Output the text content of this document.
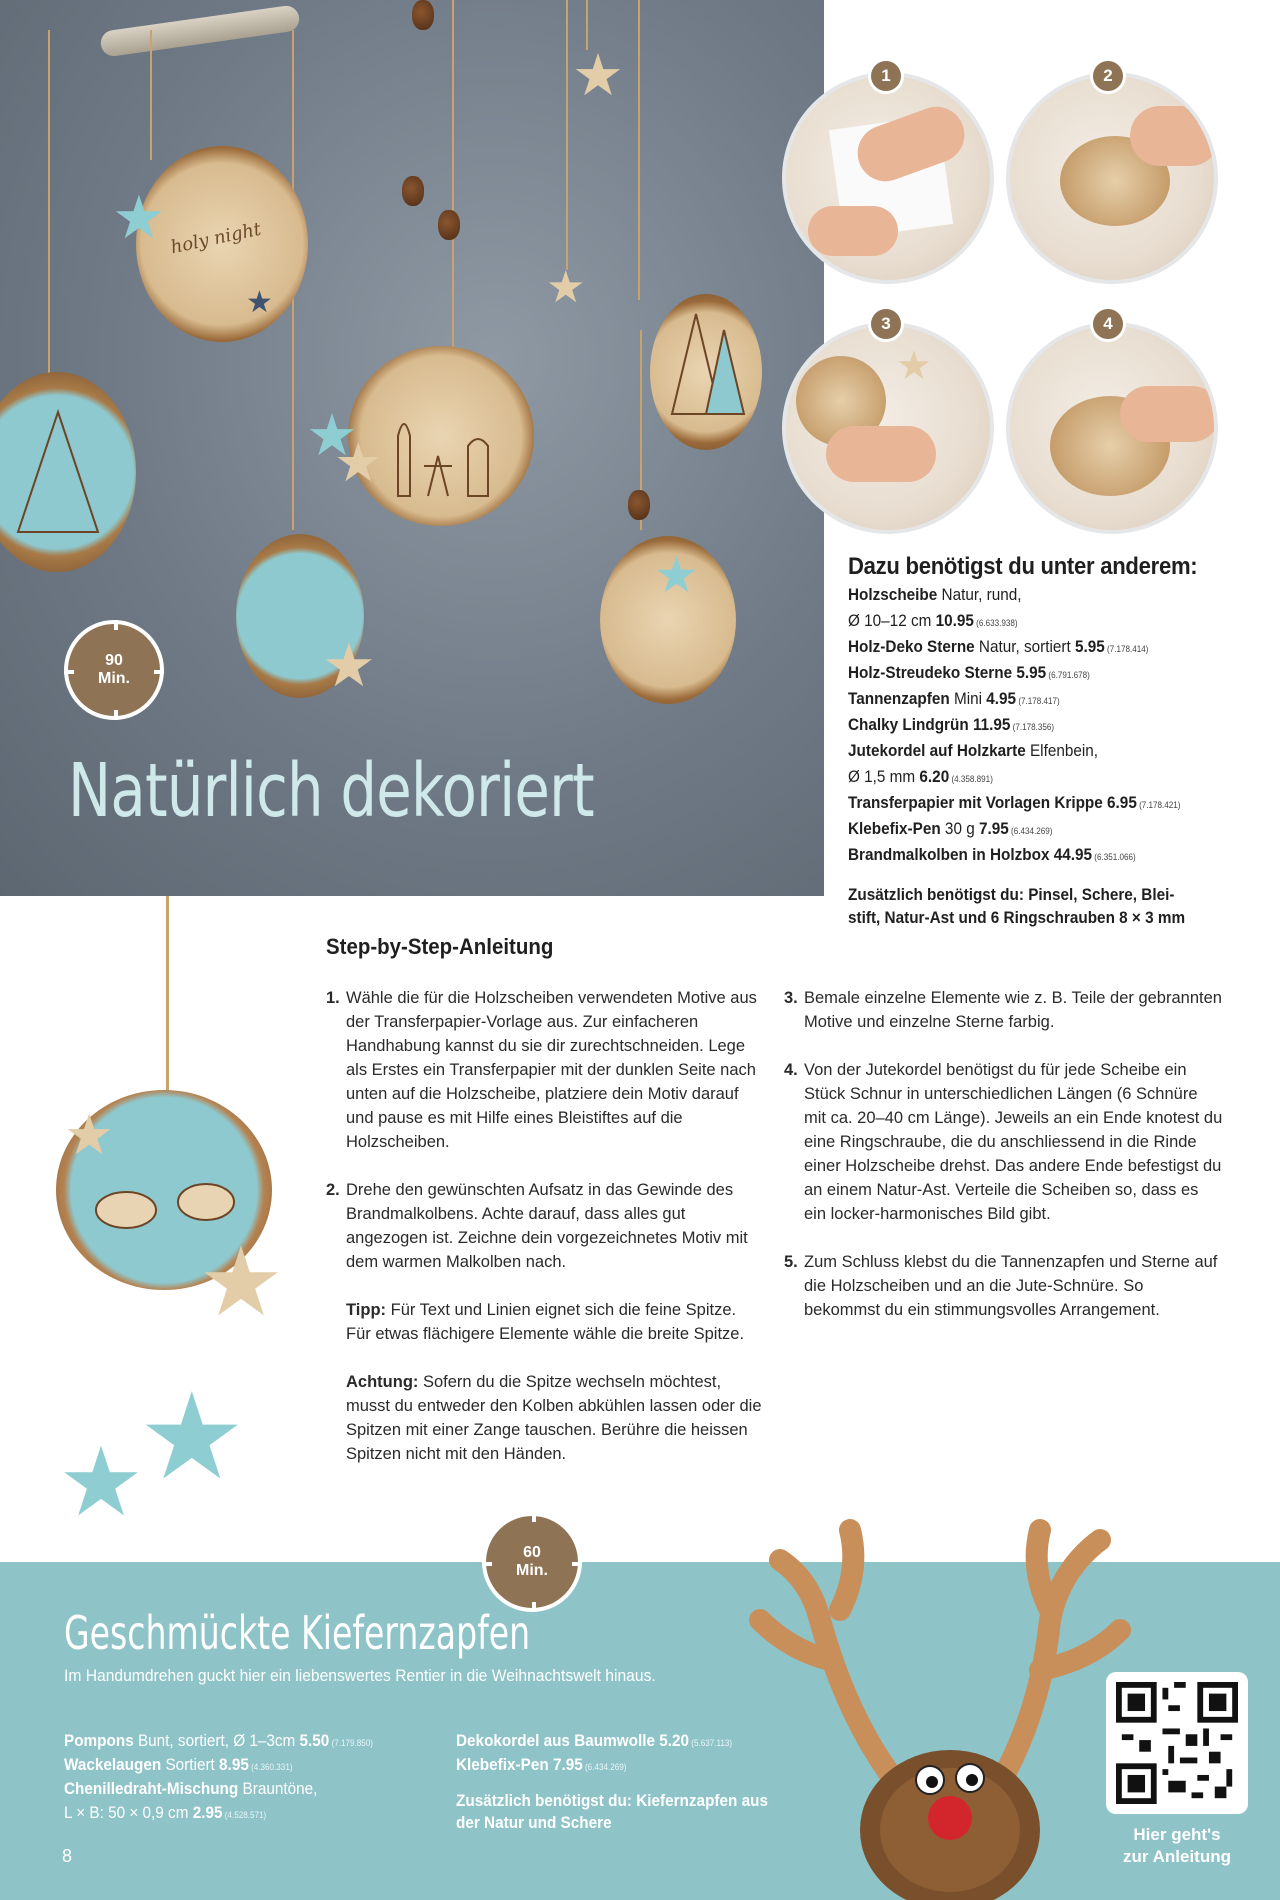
holy night
★
★
★
★
★
★
★
★
Natürlich dekoriert
90
Min.
1	2
★
3	4
Dazu benötigst du unter anderem:
Holzscheibe Natur, rund,
Ø 10–12 cm 10.95 (6.633.938)
Holz-Deko Sterne Natur, sortiert 5.95 (7.178.414)
Holz-Streudeko Sterne 5.95 (6.791.678)
Tannenzapfen Mini 4.95 (7.178.417)
Chalky Lindgrün 11.95 (7.178.356)
Jutekordel auf Holzkarte Elfenbein,
Ø 1,5 mm 6.20 (4.358.891)
Transferpapier mit Vorlagen Krippe 6.95 (7.178.421)
Klebefix-Pen 30 g 7.95 (6.434.269)
Brandmalkolben in Holzbox 44.95 (6.351.066)
Zusätzlich benötigst du: Pinsel, Schere, Blei-
stift, Natur-Ast und 6 Ringschrauben 8 × 3 mm
Step-by-Step-Anleitung

1. Wähle die für die Holzscheiben verwendeten Motive aus der Transferpapier-Vorlage aus. Zur einfacheren Handhabung kannst du sie dir zurechtschneiden. Lege als Erstes ein Transferpapier mit der dunklen Seite nach unten auf die Holzscheibe, platziere dein Motiv darauf und pause es mit Hilfe eines Bleistiftes auf die Holzscheiben.

2. Drehe den gewünschten Aufsatz in das Gewinde des Brandmalkolbens. Achte darauf, dass alles gut angezogen ist. Zeichne dein vorgezeichnetes Motiv mit dem warmen Malkolben nach.

Tipp: Für Text und Linien eignet sich die feine Spitze. Für etwas flächigere Elemente wähle die breite Spitze.

Achtung: Sofern du die Spitze wechseln möchtest, musst du entweder den Kolben abkühlen lassen oder die Spitzen mit einer Zange tauschen. Berühre die heissen Spitzen nicht mit den Händen.

3. Bemale einzelne Elemente wie z. B. Teile der gebrannten Motive und einzelne Sterne farbig.

4. Von der Jutekordel benötigst du für jede Scheibe ein Stück Schnur in unterschiedlichen Längen (6 Schnüre mit ca. 20–40 cm Länge). Jeweils an ein Ende knotest du eine Ringschraube, die du anschliessend in die Rinde einer Holzscheibe drehst. Das andere Ende befestigst du an einem Natur-Ast. Verteile die Scheiben so, dass es ein locker-harmonisches Bild gibt.

5. Zum Schluss klebst du die Tannenzapfen und Sterne auf die Holzscheiben und an die Jute-Schnüre. So bekommst du ein stimmungsvolles Arrangement.

★
★
★
★
60
Min.
Geschmückte Kiefernzapfen
Im Handumdrehen guckt hier ein liebenswertes Rentier in die Weihnachtswelt hinaus.
Pompons Bunt, sortiert, Ø 1–3cm 5.50 (7.179.850)
Wackelaugen Sortiert 8.95 (4.360.331)
Chenilledraht-Mischung Brauntöne,
L × B: 50 × 0,9 cm 2.95 (4.528.571)
Dekokordel aus Baumwolle 5.20 (5.637.113)
Klebefix-Pen 7.95 (6.434.269)
Zusätzlich benötigst du: Kiefernzapfen aus
der Natur und Schere
Hier geht's
zur Anleitung
8
